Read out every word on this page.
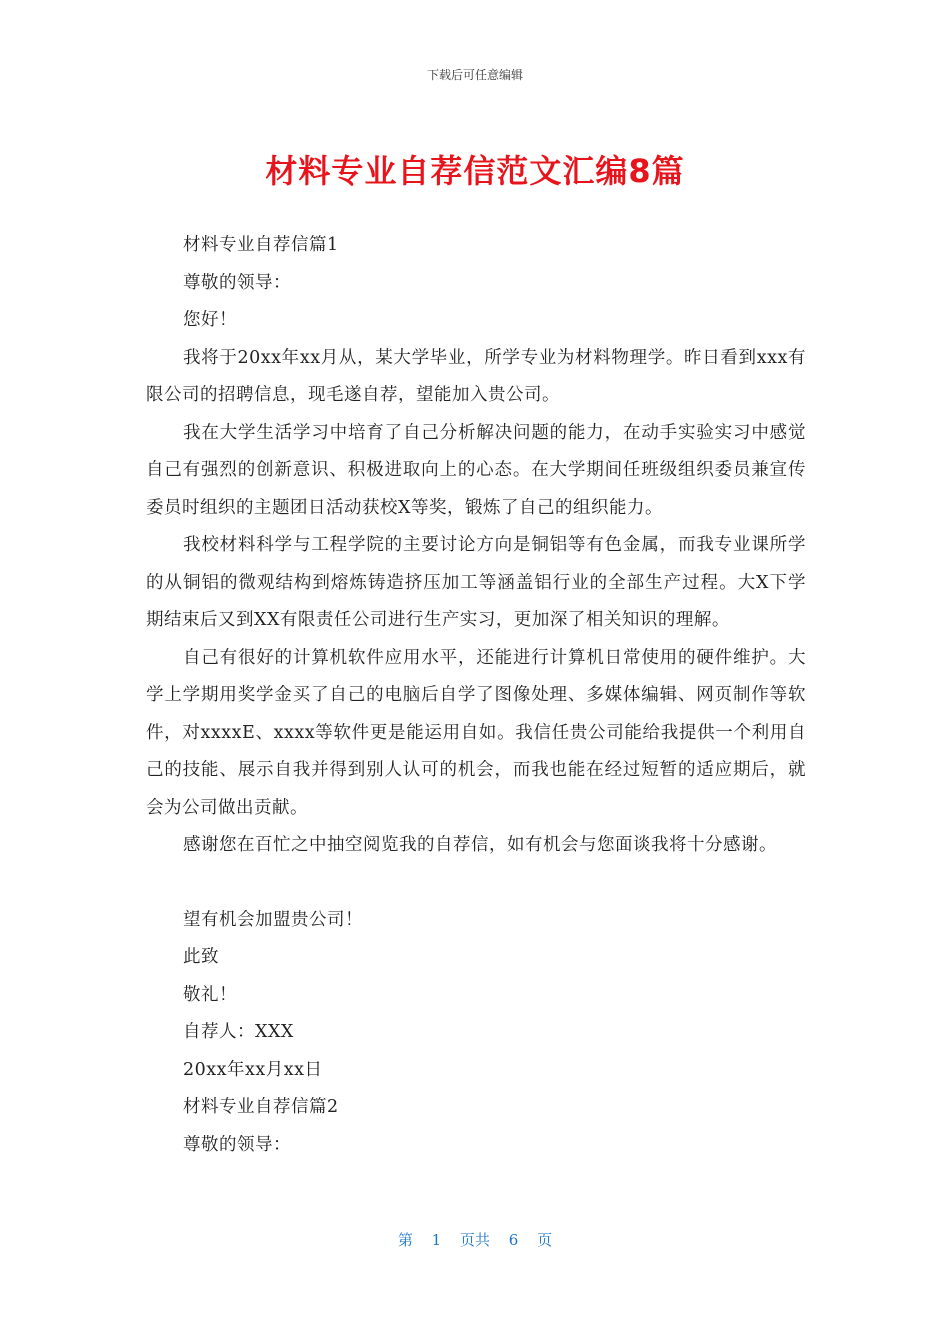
下载后可任意编辑
材料专业自荐信范文汇编8篇

材料专业自荐信篇1

尊敬的领导：

您好！

我将于20xx年xx月从，某大学毕业，所学专业为材料物理学。昨日看到xxx有限公司的招聘信息，现毛遂自荐，望能加入贵公司。

我在大学生活学习中培育了自己分析解决问题的能力，在动手实验实习中感觉自己有强烈的创新意识、积极进取向上的心态。在大学期间任班级组织委员兼宣传委员时组织的主题团日活动获校X等奖，锻炼了自己的组织能力。

我校材料科学与工程学院的主要讨论方向是铜铝等有色金属，而我专业课所学的从铜铝的微观结构到熔炼铸造挤压加工等涵盖铝行业的全部生产过程。大X下学期结束后又到XX有限责任公司进行生产实习，更加深了相关知识的理解。

自己有很好的计算机软件应用水平，还能进行计算机日常使用的硬件维护。大学上学期用奖学金买了自己的电脑后自学了图像处理、多媒体编辑、网页制作等软件，对xxxxE、xxxx等软件更是能运用自如。我信任贵公司能给我提供一个利用自己的技能、展示自我并得到别人认可的机会，而我也能在经过短暂的适应期后，就会为公司做出贡献。

感谢您在百忙之中抽空阅览我的自荐信，如有机会与您面谈我将十分感谢。

望有机会加盟贵公司！

此致

敬礼！

自荐人：XXX

20xx年xx月xx日

材料专业自荐信篇2

尊敬的领导：

第 1 页共 6 页
